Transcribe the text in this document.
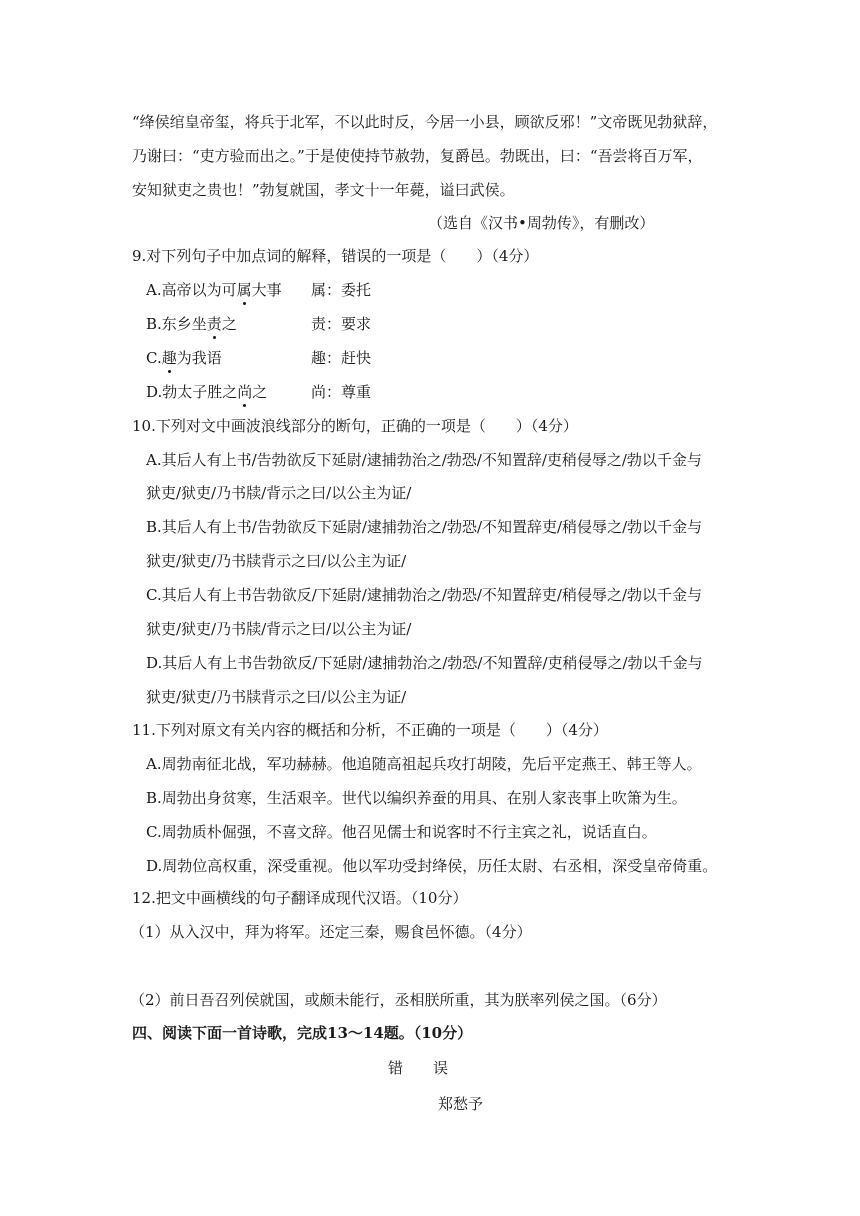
“绛侯绾皇帝玺，将兵于北军，不以此时反，今居一小县，顾欲反邪！”文帝既见勃狱辞，
乃谢曰：“吏方验而出之。”于是使使持节赦勃，复爵邑。勃既出，曰：“吾尝将百万军，
安知狱吏之贵也！”勃复就国，孝文十一年薨，谥曰武侯。
（选自《汉书•周勃传》，有删改）
9.对下列句子中加点词的解释，错误的一项是（　　）（4分）
A.高帝以为可属大事 属：委托
B.东乡坐责之	责：要求
C.趣为我语	趣：赶快
D.勃太子胜之尚之	尚：尊重
10.下列对文中画波浪线部分的断句，正确的一项是（　　）（4分）
A.其后人有上书/告勃欲反下延尉/逮捕勃治之/勃恐/不知置辞/吏稍侵辱之/勃以千金与
狱吏/狱吏/乃书牍/背示之曰/以公主为证/
B.其后人有上书/告勃欲反下延尉/逮捕勃治之/勃恐/不知置辞吏/稍侵辱之/勃以千金与
狱吏/狱吏/乃书牍背示之曰/以公主为证/
C.其后人有上书告勃欲反/下延尉/逮捕勃治之/勃恐/不知置辞吏/稍侵辱之/勃以千金与
狱吏/狱吏/乃书牍/背示之曰/以公主为证/
D.其后人有上书告勃欲反/下延尉/逮捕勃治之/勃恐/不知置辞/吏稍侵辱之/勃以千金与
狱吏/狱吏/乃书牍背示之曰/以公主为证/
11.下列对原文有关内容的概括和分析，不正确的一项是（　　）（4分）
A.周勃南征北战，军功赫赫。他追随高祖起兵攻打胡陵，先后平定燕王、韩王等人。
B.周勃出身贫寒，生活艰辛。世代以编织养蚕的用具、在别人家丧事上吹箫为生。
C.周勃质朴倔强，不喜文辞。他召见儒士和说客时不行主宾之礼，说话直白。
D.周勃位高权重，深受重视。他以军功受封绛侯，历任太尉、右丞相，深受皇帝倚重。
12.把文中画横线的句子翻译成现代汉语。（10分）
（1）从入汉中，拜为将军。还定三秦，赐食邑怀德。（4分）
（2）前日吾召列侯就国，或颇未能行，丞相朕所重，其为朕率列侯之国。（6分）
四、阅读下面一首诗歌，完成13～14题。（10分）
错　　误
郑愁予
